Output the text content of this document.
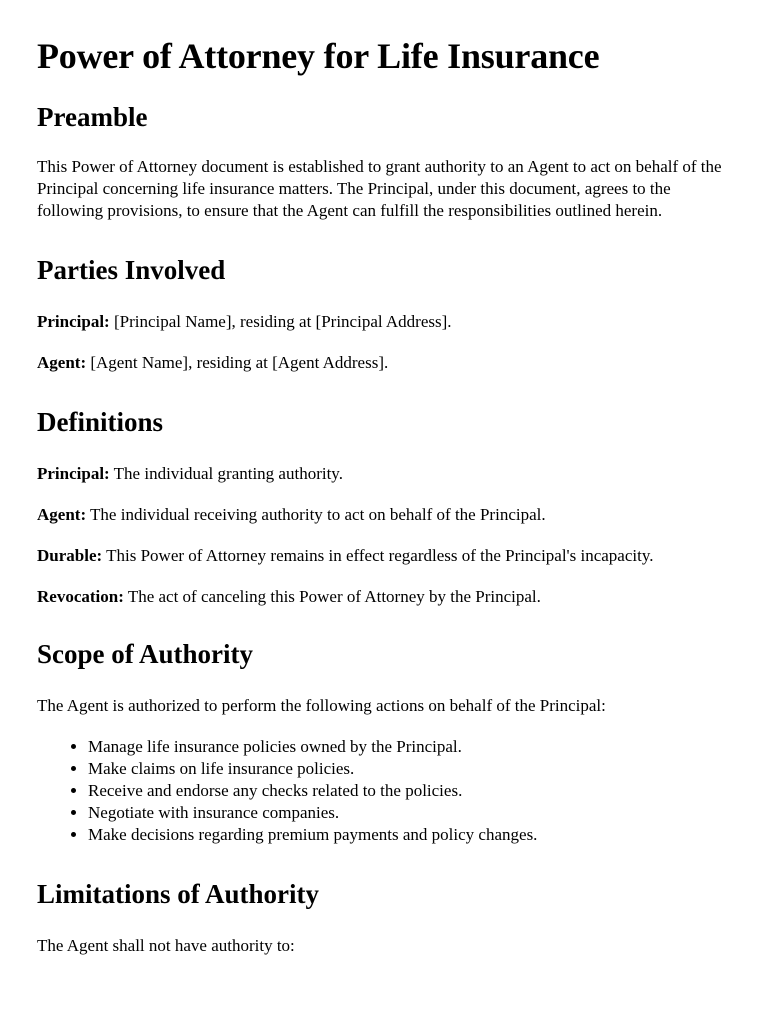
Power of Attorney for Life Insurance
Preamble

This Power of Attorney document is established to grant authority to an Agent to act on behalf of the Principal concerning life insurance matters. The Principal, under this document, agrees to the following provisions, to ensure that the Agent can fulfill the responsibilities outlined herein.

Parties Involved

Principal: [Principal Name], residing at [Principal Address].

Agent: [Agent Name], residing at [Agent Address].

Definitions

Principal: The individual granting authority.

Agent: The individual receiving authority to act on behalf of the Principal.

Durable: This Power of Attorney remains in effect regardless of the Principal's incapacity.

Revocation: The act of canceling this Power of Attorney by the Principal.

Scope of Authority

The Agent is authorized to perform the following actions on behalf of the Principal:

• Manage life insurance policies owned by the Principal.
• Make claims on life insurance policies.
• Receive and endorse any checks related to the policies.
• Negotiate with insurance companies.
• Make decisions regarding premium payments and policy changes.
Limitations of Authority

The Agent shall not have authority to:
